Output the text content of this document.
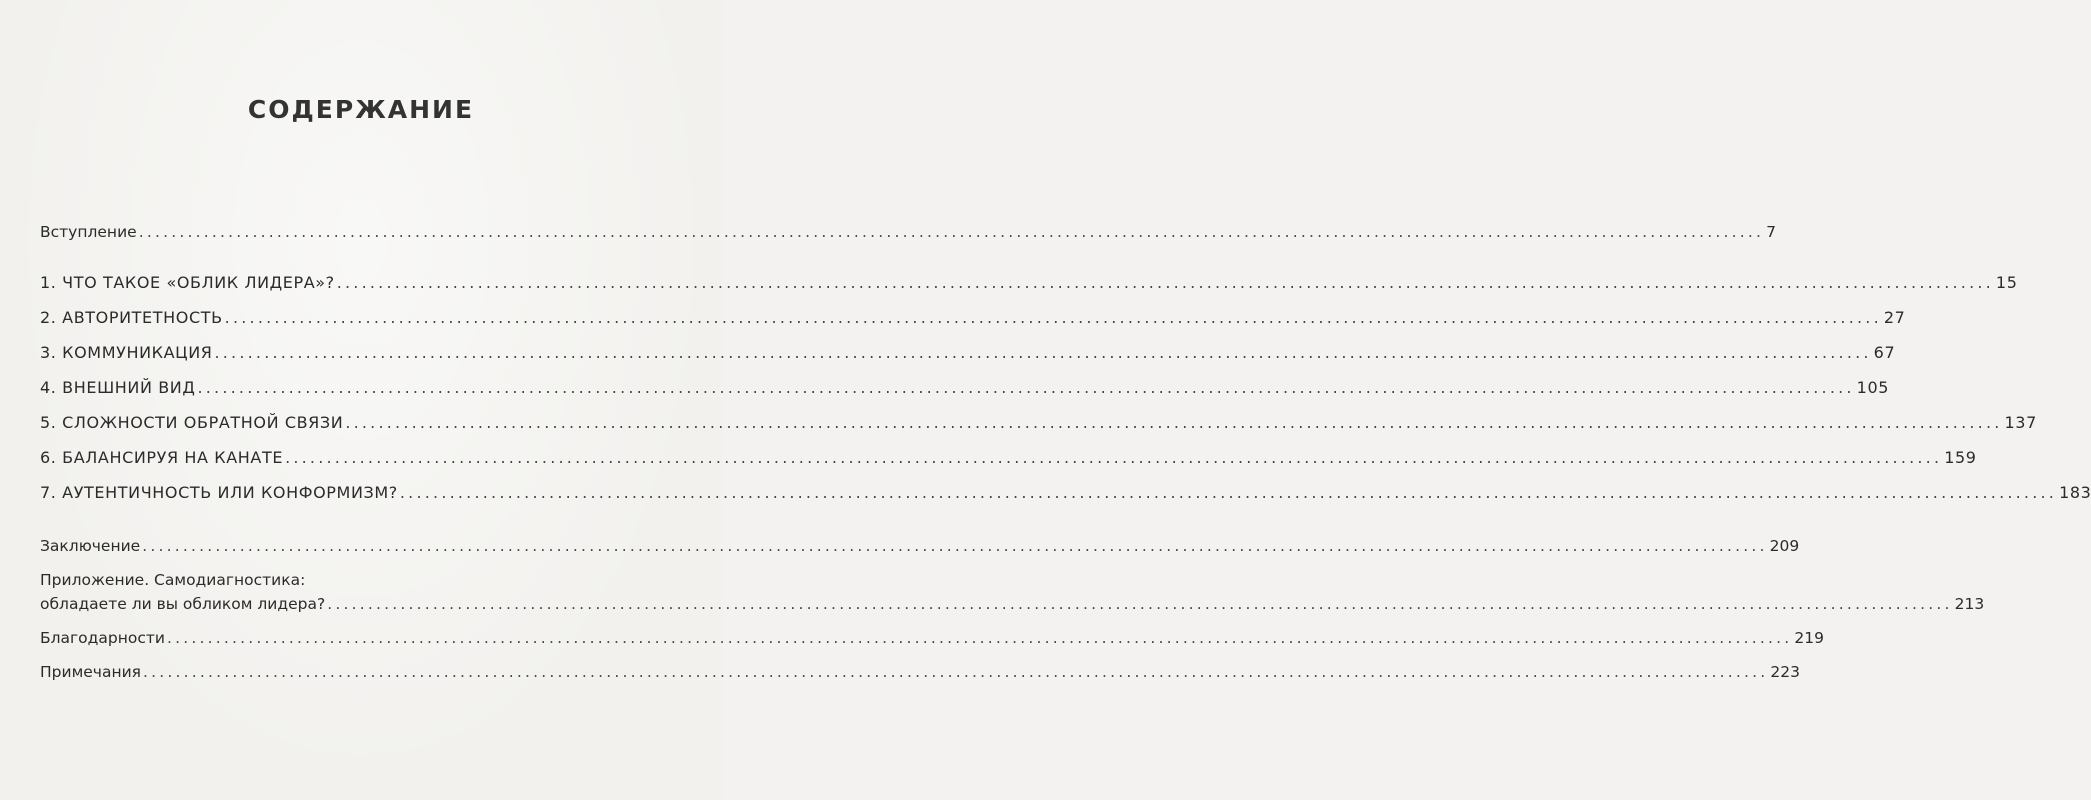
СОДЕРЖАНИЕ
Вступление ........................................................................................................................................................................................................ 7
1. ЧТО ТАКОЕ «ОБЛИК ЛИДЕРА»? ........................................................................................................................................................................................................ 15
2. АВТОРИТЕТНОСТЬ ........................................................................................................................................................................................................ 27
3. КОММУНИКАЦИЯ ........................................................................................................................................................................................................ 67
4. ВНЕШНИЙ ВИД ........................................................................................................................................................................................................ 105
5. СЛОЖНОСТИ ОБРАТНОЙ СВЯЗИ ........................................................................................................................................................................................................ 137
6. БАЛАНСИРУЯ НА КАНАТЕ ........................................................................................................................................................................................................ 159
7. АУТЕНТИЧНОСТЬ ИЛИ КОНФОРМИЗМ? ........................................................................................................................................................................................................ 183
Заключение ........................................................................................................................................................................................................ 209
Приложение. Самодиагностика:
обладаете ли вы обликом лидера? ........................................................................................................................................................................................................ 213
Благодарности ........................................................................................................................................................................................................ 219
Примечания ........................................................................................................................................................................................................ 223
